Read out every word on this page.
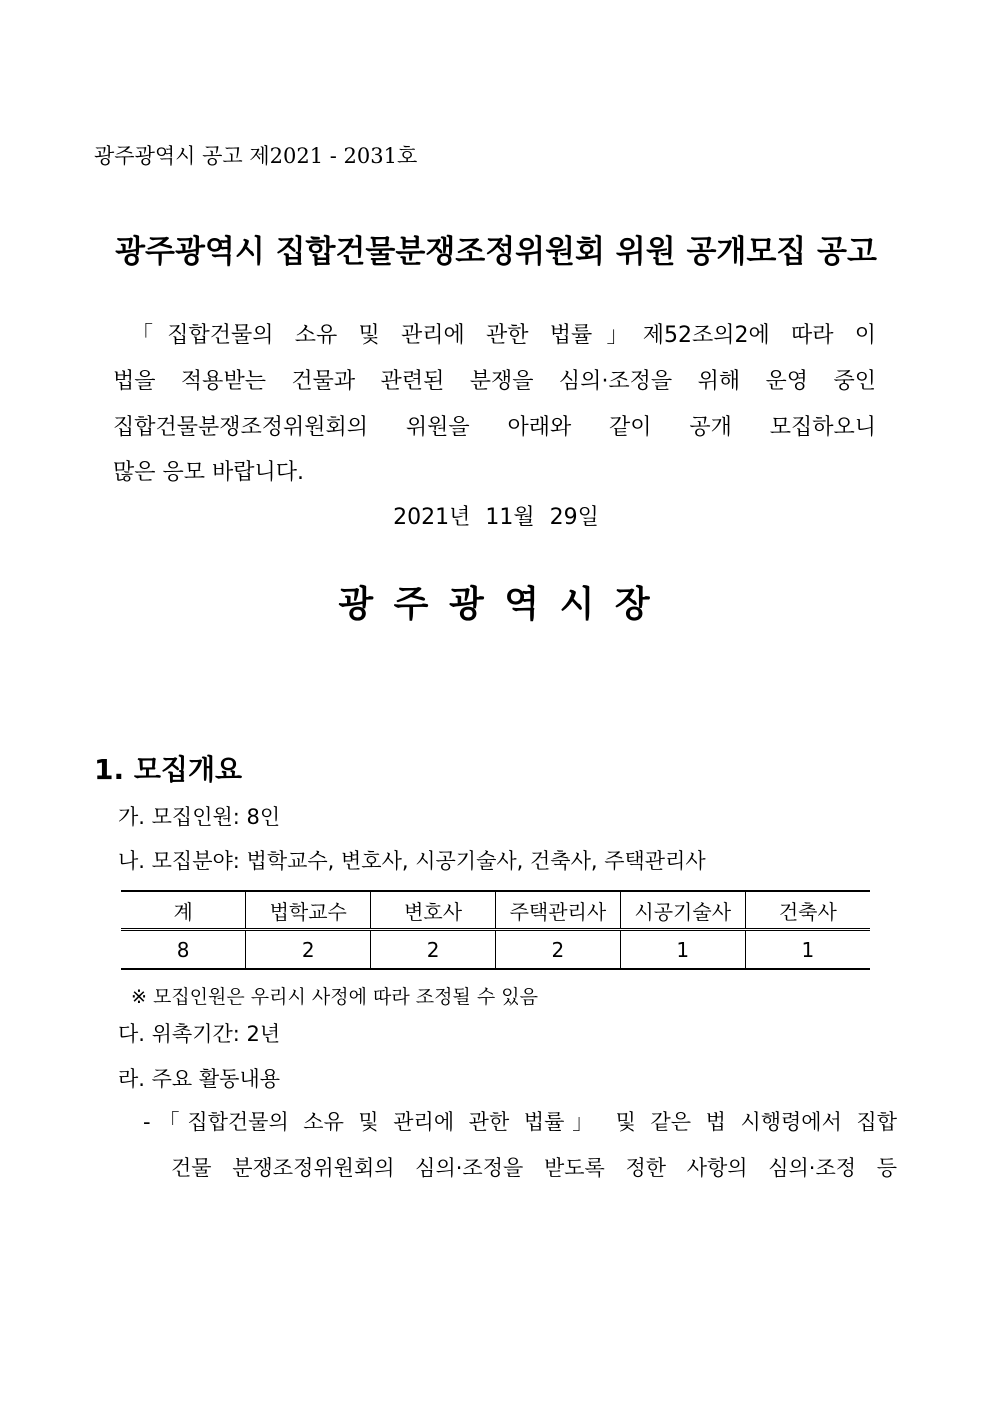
광주광역시 공고 제2021 - 2031호
광주광역시 집합건물분쟁조정위원회 위원 공개모집 공고
「집합건물의 소유 및 관리에 관한 법률」제52조의2에 따라 이
법을 적용받는 건물과 관련된 분쟁을 심의·조정을 위해 운영 중인
집합건물분쟁조정위원회의 위원을 아래와 같이 공개 모집하오니
많은 응모 바랍니다.
2021년 11월 29일
광 주 광 역 시 장
1. 모집개요
가. 모집인원: 8인
나. 모집분야: 법학교수, 변호사, 시공기술사, 건축사, 주택관리사
계	법학교수	변호사	주택관리사	시공기술사	건축사
8	2	2	2	1	1
※ 모집인원은 우리시 사정에 따라 조정될 수 있음
다. 위촉기간: 2년
라. 주요 활동내용
-「집합건물의 소유 및 관리에 관한 법률」 및 같은 법 시행령에서 집합
건물 분쟁조정위원회의 심의·조정을 받도록 정한 사항의 심의·조정 등
